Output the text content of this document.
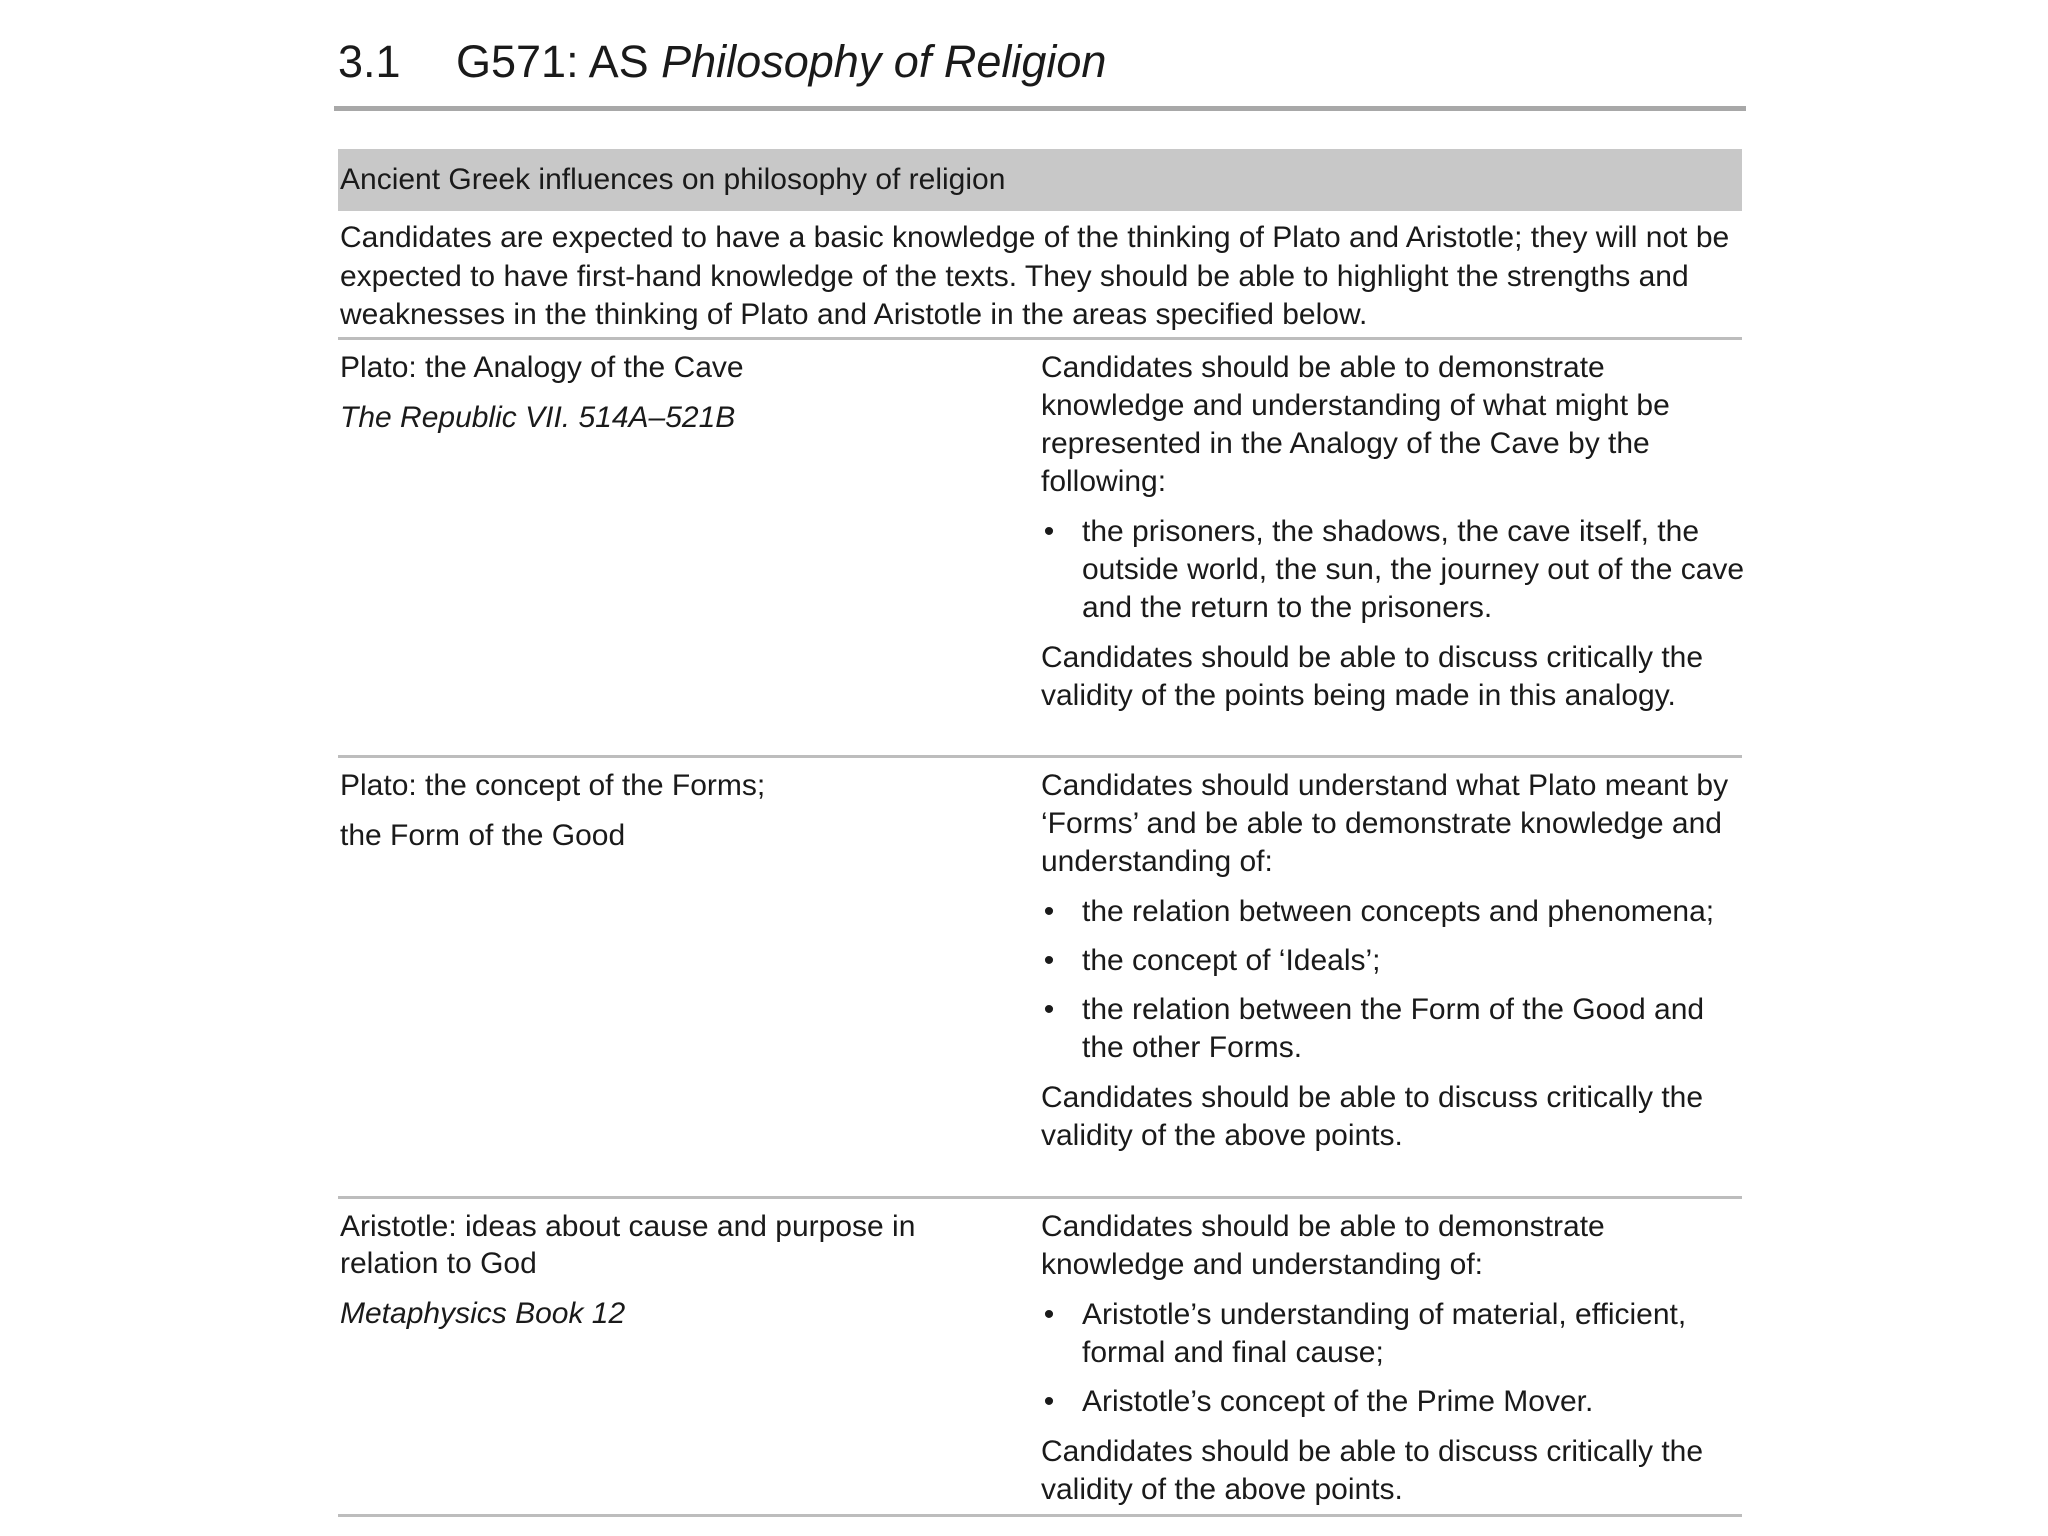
3.1 G571: AS Philosophy of Religion
Ancient Greek influences on philosophy of religion
Candidates are expected to have a basic knowledge of the thinking of Plato and Aristotle; they will not be expected to have first-hand knowledge of the texts. They should be able to highlight the strengths and weaknesses in the thinking of Plato and Aristotle in the areas specified below.

Plato: the Analogy of the Cave

The Republic VII. 514A–521B

Candidates should be able to demonstrate knowledge and understanding of what might be represented in the Analogy of the Cave by the following:

• the prisoners, the shadows, the cave itself, the outside world, the sun, the journey out of the cave and the return to the prisoners.

Candidates should be able to discuss critically the validity of the points being made in this analogy.

Plato: the concept of the Forms;

the Form of the Good

Candidates should understand what Plato meant by ‘Forms’ and be able to demonstrate knowledge and understanding of:

• the relation between concepts and phenomena;
• the concept of ‘Ideals’;
• the relation between the Form of the Good and the other Forms.

Candidates should be able to discuss critically the validity of the above points.

Aristotle: ideas about cause and purpose in relation to God

Metaphysics Book 12

Candidates should be able to demonstrate knowledge and understanding of:

• Aristotle’s understanding of material, efficient, formal and final cause;
• Aristotle’s concept of the Prime Mover.

Candidates should be able to discuss critically the validity of the above points.
